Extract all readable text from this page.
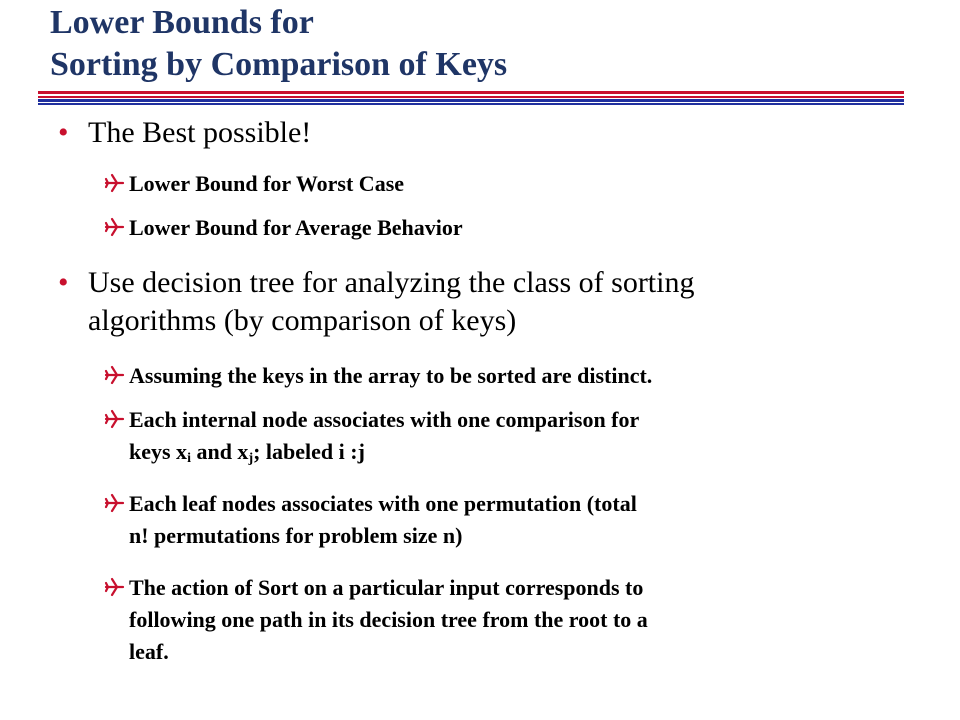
Lower Bounds for
Sorting by Comparison of Keys
• The Best possible!
Lower Bound for Worst Case
Lower Bound for Average Behavior
• Use decision tree for analyzing the class of sorting
algorithms (by comparison of keys)
Assuming the keys in the array to be sorted are distinct.
Each internal node associates with one comparison for
keys $x_i$ and $x_j$; labeled i :j
Each leaf nodes associates with one permutation (total
n! permutations for problem size n)
The action of Sort on a particular input corresponds to
following one path in its decision tree from the root to a
leaf.
